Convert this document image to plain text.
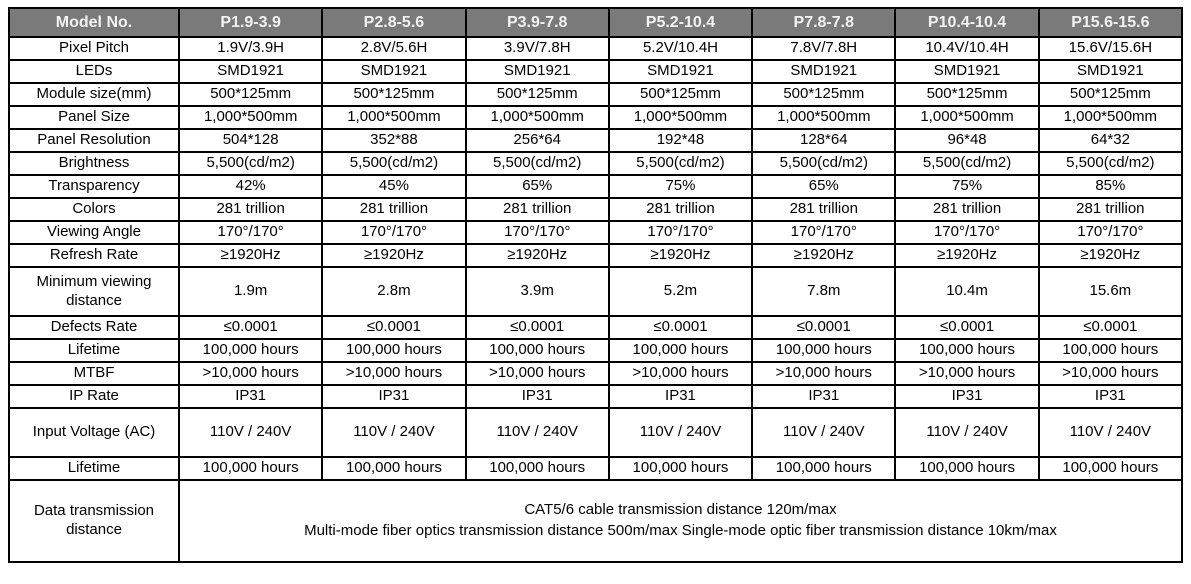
Model No.	P1.9-3.9	P2.8-5.6	P3.9-7.8	P5.2-10.4	P7.8-7.8	P10.4-10.4	P15.6-15.6
Pixel Pitch	1.9V/3.9H	2.8V/5.6H	3.9V/7.8H	5.2V/10.4H	7.8V/7.8H	10.4V/10.4H	15.6V/15.6H
LEDs	SMD1921	SMD1921	SMD1921	SMD1921	SMD1921	SMD1921	SMD1921
Module size(mm)	500*125mm	500*125mm	500*125mm	500*125mm	500*125mm	500*125mm	500*125mm
Panel Size	1,000*500mm	1,000*500mm	1,000*500mm	1,000*500mm	1,000*500mm	1,000*500mm	1,000*500mm
Panel Resolution	504*128	352*88	256*64	192*48	128*64	96*48	64*32
Brightness	5,500(cd/m2)	5,500(cd/m2)	5,500(cd/m2)	5,500(cd/m2)	5,500(cd/m2)	5,500(cd/m2)	5,500(cd/m2)
Transparency	42%	45%	65%	75%	65%	75%	85%
Colors	281 trillion	281 trillion	281 trillion	281 trillion	281 trillion	281 trillion	281 trillion
Viewing Angle	170°/170°	170°/170°	170°/170°	170°/170°	170°/170°	170°/170°	170°/170°
Refresh Rate	≥1920Hz	≥1920Hz	≥1920Hz	≥1920Hz	≥1920Hz	≥1920Hz	≥1920Hz
Minimum viewing distance	1.9m	2.8m	3.9m	5.2m	7.8m	10.4m	15.6m
Defects Rate	≤0.0001	≤0.0001	≤0.0001	≤0.0001	≤0.0001	≤0.0001	≤0.0001
Lifetime	100,000 hours	100,000 hours	100,000 hours	100,000 hours	100,000 hours	100,000 hours	100,000 hours
MTBF	>10,000 hours	>10,000 hours	>10,000 hours	>10,000 hours	>10,000 hours	>10,000 hours	>10,000 hours
IP Rate	IP31	IP31	IP31	IP31	IP31	IP31	IP31
Input Voltage (AC)	110V / 240V	110V / 240V	110V / 240V	110V / 240V	110V / 240V	110V / 240V	110V / 240V
Lifetime	100,000 hours	100,000 hours	100,000 hours	100,000 hours	100,000 hours	100,000 hours	100,000 hours
Data transmission distance	CAT5/6 cable transmission distance 120m/max
Multi-mode fiber optics transmission distance 500m/max Single-mode optic fiber transmission distance 10km/max						
